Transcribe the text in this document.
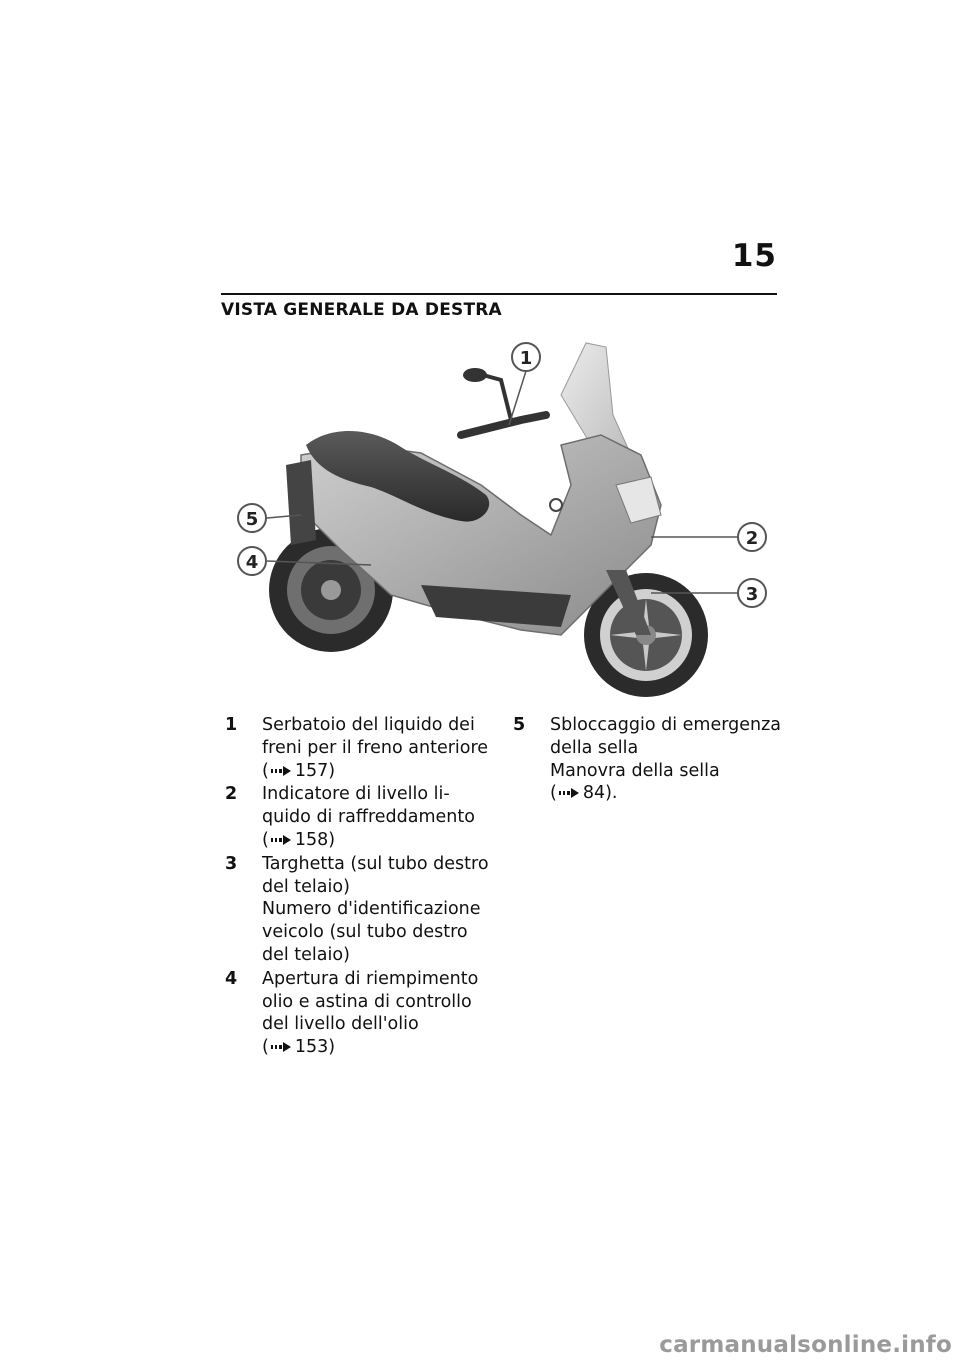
15
VISTA GENERALE DA DESTRA
1
2
3
4
5
1	Serbatoio del liquido dei
freni per il freno anteriore
( 157)
2	Indicatore di livello li-
quido di raffreddamento
( 158)
3	Targhetta (sul tubo destro
del telaio)
Numero d'identificazione
veicolo (sul tubo destro
del telaio)
4	Apertura di riempimento
olio e astina di controllo
del livello dell'olio
( 153)
5	Sbloccaggio di emergenza
della sella
Manovra della sella
( 84).
carmanualsonline.info
